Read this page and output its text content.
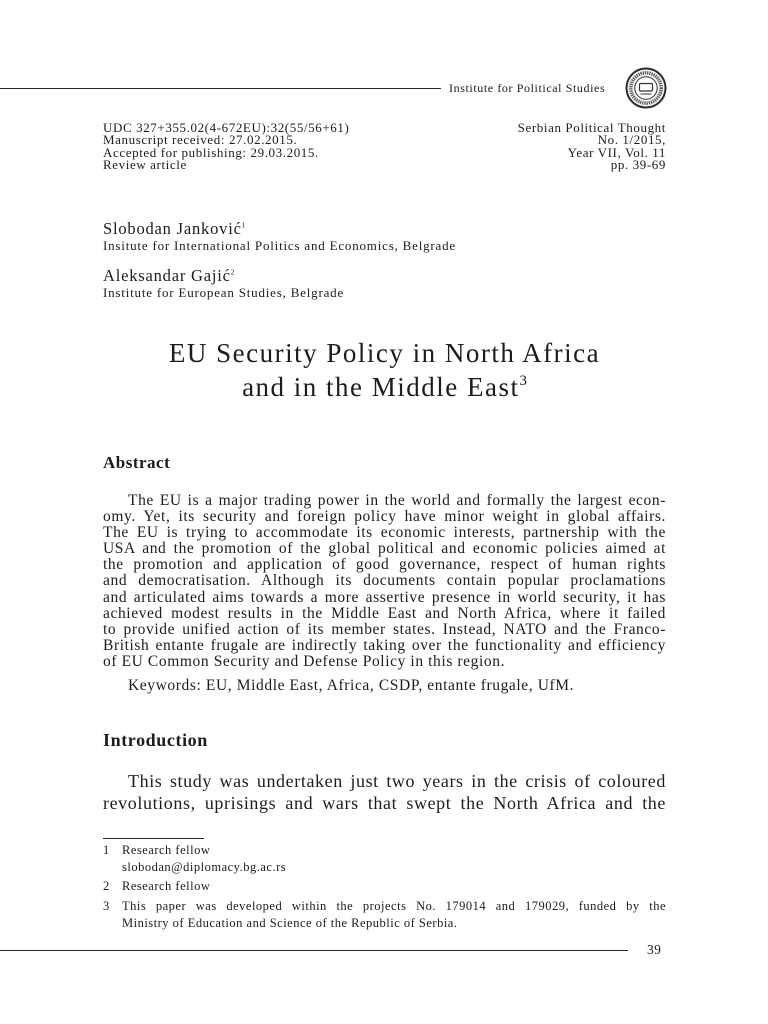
Institute for Political Studies
UDC 327+355.02(4-672EU):32(55/56+61)
Manuscript received: 27.02.2015.
Accepted for publishing: 29.03.2015.
Review article
Serbian Political Thought
No. 1/2015,
Year VII, Vol. 11
pp. 39-69
Slobodan Janković$^1$
Insitute for International Politics and Economics, Belgrade
Aleksandar Gajić$^2$
Institute for European Studies, Belgrade
EU Security Policy in North Africa
and in the Middle East$^3$
Abstract
The EU is a major trading power in the world and formally the largest econ-
omy. Yet, its security and foreign policy have minor weight in global affairs.
The EU is trying to accommodate its economic interests, partnership with the
USA and the promotion of the global political and economic policies aimed at
the promotion and application of good governance, respect of human rights
and democratisation. Although its documents contain popular proclamations
and articulated aims towards a more assertive presence in world security, it has
achieved modest results in the Middle East and North Africa, where it failed
to provide unified action of its member states. Instead, NATO and the Franco-
British entante frugale are indirectly taking over the functionality and efficiency
of EU Common Security and Defense Policy in this region.
Keywords: EU, Middle East, Africa, CSDP, entante frugale, UfM.
Introduction
This study was undertaken just two years in the crisis of coloured
revolutions, uprisings and wars that swept the North Africa and the
1 Research fellow
slobodan@diplomacy.bg.ac.rs
2 Research fellow
3 This paper was developed within the projects No. 179014 and 179029, funded by the
Ministry of Education and Science of the Republic of Serbia.
39
